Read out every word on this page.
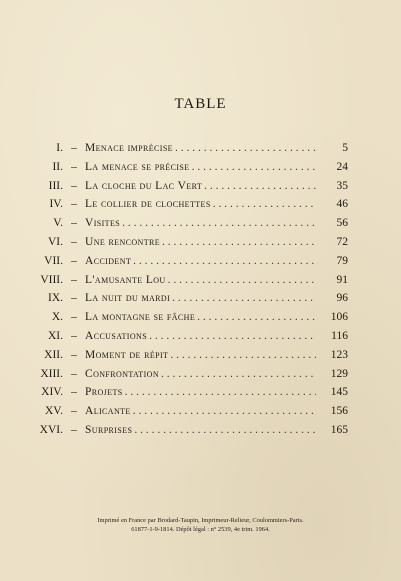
TABLE
I. – Menace imprécise . . .	5
II. – La menace se précise . . .	24
III. – La cloche du Lac Vert . . .	35
IV. – Le collier de clochettes . . .	46
V. – Visites . . .	56
VI. – Une rencontre . . .	72
VII. – Accident . . .	79
VIII. – L'amusante Lou . . .	91
IX. – La nuit du mardi . . .	96
X. – La montagne se fâche . . .	106
XI. – Accusations . . .	116
XII. – Moment de répit . . .	123
XIII. – Confrontation . . .	129
XIV. – Projets . . .	145
XV. – Alicante . . .	156
XVI. – Surprises . . .	165
Imprimé en France par Brodard-Taupin, Imprimeur-Relieur, Coulommiers-Paris.
61877-1-9-1814. Dépôt légal : n° 2539, 4e trim. 1964.
